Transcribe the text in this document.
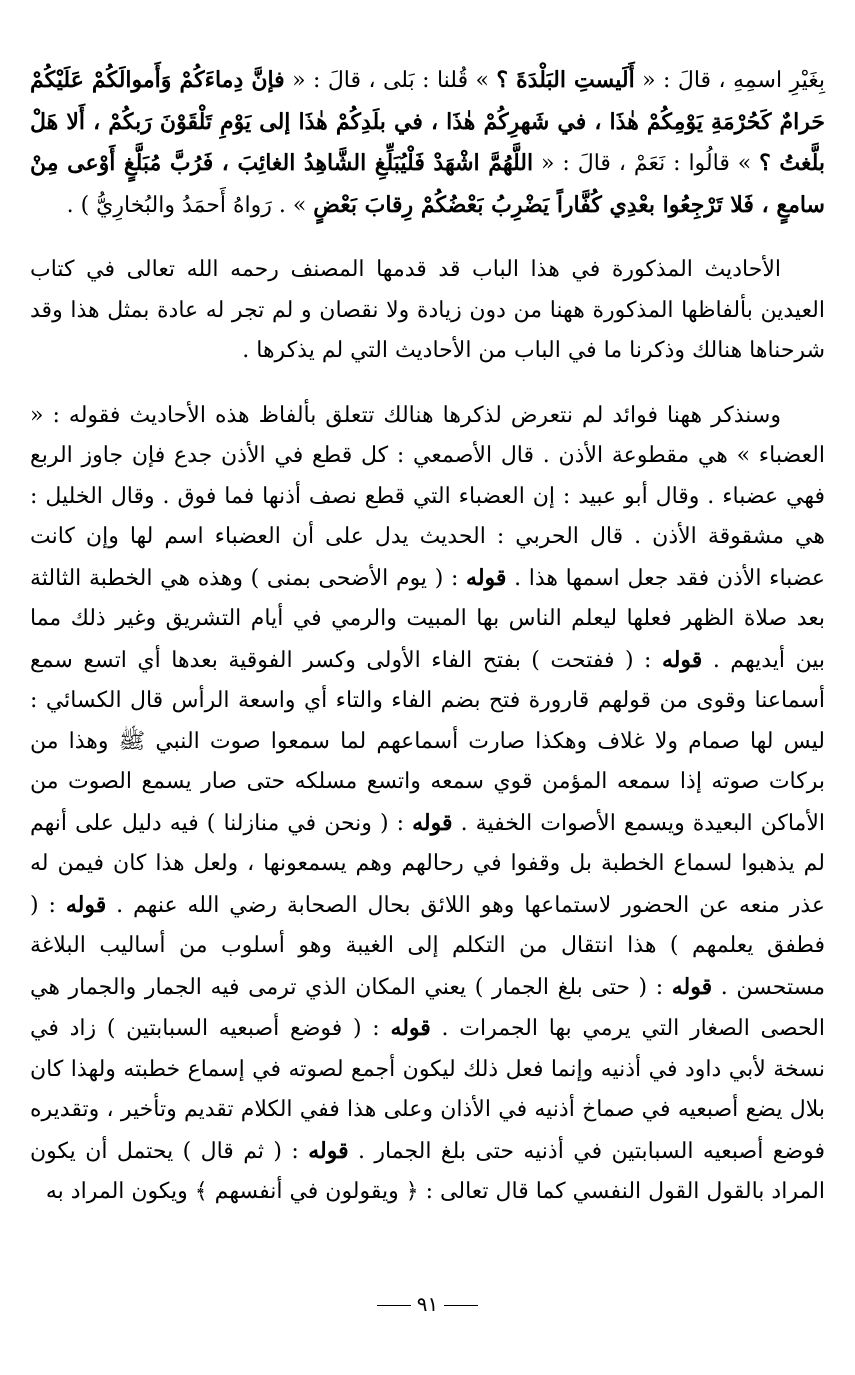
بِغَيْرِ اسمِهِ ، قالَ : « أَلَيستِ البَلْدَةَ ؟ » قُلنا : بَلى ، قالَ : « فإنَّ دِماءَكُمْ وَأَموالَكُمْ عَلَيْكُمْ حَرامٌ كَحُرْمَةِ يَوْمِكُمْ هٰذَا ، في شَهرِكُمْ هٰذَا ، في بلَدِكُمْ هٰذَا إلى يَوْمِ تَلْقَوْنَ رَبكُمْ ، أَلا هَلْ بلَّغتُ ؟ » قالُوا : نَعَمْ ، قالَ : « اللَّهُمَّ اشْهَدْ فَلْيُبَلِّغِ الشَّاهِدُ الغائِبَ ، فَرُبَّ مُبَلَّغٍ أَوْعى مِنْ سامعٍ ، فَلا تَرْجِعُوا بعْدِي كُفَّاراً يَضْرِبُ بَعْضُكُمْ رِقابَ بَعْضٍ » . رَواهُ أَحمَدُ والبُخارِيُّ ) .

الأحاديث المذكورة في هذا الباب قد قدمها المصنف رحمه الله تعالى في كتاب العيدين بألفاظها المذكورة ههنا من دون زيادة ولا نقصان و لم تجر له عادة بمثل هذا وقد شرحناها هنالك وذكرنا ما في الباب من الأحاديث التي لم يذكرها .

وسنذكر ههنا فوائد لم نتعرض لذكرها هنالك تتعلق بألفاظ هذه الأحاديث فقوله : « العضباء » هي مقطوعة الأذن . قال الأصمعي : كل قطع في الأذن جدع فإن جاوز الربع فهي عضباء . وقال أبو عبيد : إن العضباء التي قطع نصف أذنها فما فوق . وقال الخليل : هي مشقوقة الأذن . قال الحربي : الحديث يدل على أن العضباء اسم لها وإن كانت عضباء الأذن فقد جعل اسمها هذا . قوله : ( يوم الأضحى بمنى ) وهذه هي الخطبة الثالثة بعد صلاة الظهر فعلها ليعلم الناس بها المبيت والرمي في أيام التشريق وغير ذلك مما بين أيديهم . قوله : ( ففتحت ) بفتح الفاء الأولى وكسر الفوقية بعدها أي اتسع سمع أسماعنا وقوى من قولهم قارورة فتح بضم الفاء والتاء أي واسعة الرأس قال الكسائي : ليس لها صمام ولا غلاف وهكذا صارت أسماعهم لما سمعوا صوت النبي ﷺ وهذا من بركات صوته إذا سمعه المؤمن قوي سمعه واتسع مسلكه حتى صار يسمع الصوت من الأماكن البعيدة ويسمع الأصوات الخفية . قوله : ( ونحن في منازلنا ) فيه دليل على أنهم لم يذهبوا لسماع الخطبة بل وقفوا في رحالهم وهم يسمعونها ، ولعل هذا كان فيمن له عذر منعه عن الحضور لاستماعها وهو اللائق بحال الصحابة رضي الله عنهم . قوله : ( فطفق يعلمهم ) هذا انتقال من التكلم إلى الغيبة وهو أسلوب من أساليب البلاغة مستحسن . قوله : ( حتى بلغ الجمار ) يعني المكان الذي ترمى فيه الجمار والجمار هي الحصى الصغار التي يرمي بها الجمرات . قوله : ( فوضع أصبعيه السبابتين ) زاد في نسخة لأبي داود في أذنيه وإنما فعل ذلك ليكون أجمع لصوته في إسماع خطبته ولهذا كان بلال يضع أصبعيه في صماخ أذنيه في الأذان وعلى هذا ففي الكلام تقديم وتأخير ، وتقديره فوضع أصبعيه السبابتين في أذنيه حتى بلغ الجمار . قوله : ( ثم قال ) يحتمل أن يكون المراد بالقول القول النفسي كما قال تعالى : ﴿ ويقولون في أنفسهم ﴾ ويكون المراد به

٩١
